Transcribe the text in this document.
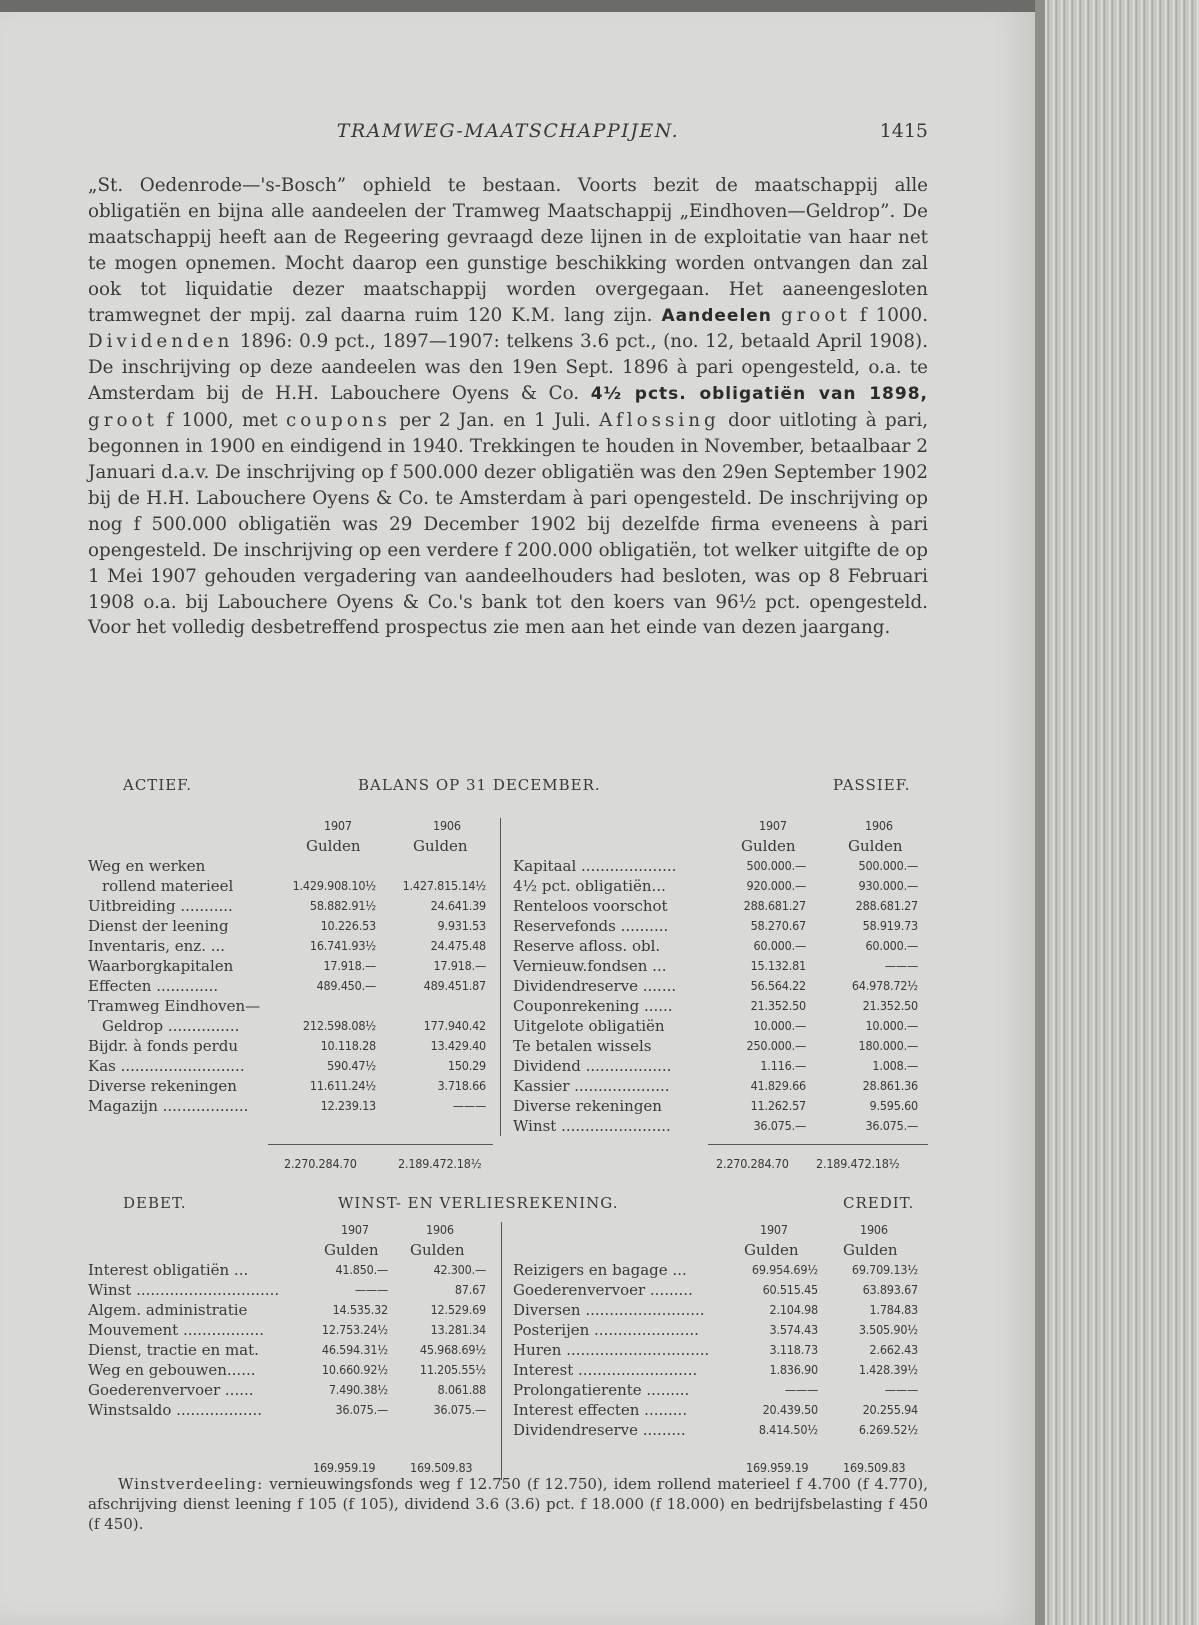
TRAMWEG-MAATSCHAPPIJEN.	1415

„St. Oedenrode—'s-Bosch” ophield te bestaan. Voorts bezit de maatschappij alle obligatiën en bijna alle aandeelen der Tramweg Maatschappij „Eindhoven—Geldrop”. De maatschappij heeft aan de Regeering gevraagd deze lijnen in de exploitatie van haar net te mogen opnemen. Mocht daarop een gunstige beschikking worden ontvangen dan zal ook tot liquidatie dezer maatschappij worden overgegaan. Het aaneengesloten tramwegnet der mpij. zal daarna ruim 120 K.M. lang zijn. Aandeelen groot f 1000. Dividenden 1896: 0.9 pct., 1897—1907: telkens 3.6 pct., (no. 12, betaald April 1908). De inschrijving op deze aandeelen was den 19en Sept. 1896 à pari opengesteld, o.a. te Amsterdam bij de H.H. Labouchere Oyens & Co. 4½ pcts. obligatiën van 1898, groot f 1000, met coupons per 2 Jan. en 1 Juli. Aflossing door uitloting à pari, begonnen in 1900 en eindigend in 1940. Trekkingen te houden in November, betaalbaar 2 Januari d.a.v. De inschrijving op f 500.000 dezer obligatiën was den 29en September 1902 bij de H.H. Labouchere Oyens & Co. te Amsterdam à pari opengesteld. De inschrijving op nog f 500.000 obligatiën was 29 December 1902 bij dezelfde firma eveneens à pari opengesteld. De inschrijving op een verdere f 200.000 obligatiën, tot welker uitgifte de op 1 Mei 1907 gehouden vergadering van aandeelhouders had besloten, was op 8 Februari 1908 o.a. bij Labouchere Oyens & Co.'s bank tot den koers van 96½ pct. opengesteld. Voor het volledig desbetreffend prospectus zie men aan het einde van dezen jaargang.

ACTIEF.	BALANS OP 31 DECEMBER.	PASSIEF.
1907	1906
Gulden	Gulden
Weg en werken
rollend materieel	1.429.908.10½ 1.427.815.14½
Uitbreiding ...........	58.882.91½	24.641.39
Dienst der leening	10.226.53	9.931.53
Inventaris, enz. ...	16.741.93½	24.475.48
Waarborgkapitalen	17.918.—	17.918.—
Effecten .............	489.450.—	489.451.87
Tramweg Eindhoven—
Geldrop ...............	212.598.08½	177.940.42
Bijdr. à fonds perdu	10.118.28	13.429.40
Kas ..........................	590.47½	150.29
Diverse rekeningen	11.611.24½	3.718.66
Magazijn ..................	12.239.13	———
1907	1906
Gulden	Gulden
Kapitaal ....................	500.000.—	500.000.—
4½ pct. obligatiën...	920.000.—	930.000.—
Renteloos voorschot	288.681.27	288.681.27
Reservefonds ..........	58.270.67	58.919.73
Reserve afloss. obl.	60.000.—	60.000.—
Vernieuw.fondsen ...	15.132.81	———
Dividendreserve .......	56.564.22	64.978.72½
Couponrekening ......	21.352.50	21.352.50
Uitgelote obligatiën	10.000.—	10.000.—
Te betalen wissels	250.000.—	180.000.—
Dividend ..................	1.116.—	1.008.—
Kassier ....................	41.829.66	28.861.36
Diverse rekeningen	11.262.57	9.595.60
Winst .......................	36.075.—	36.075.—
2.270.284.70	2.189.472.18½	2.270.284.70 2.189.472.18½
DEBET.	WINST- EN VERLIESREKENING.	CREDIT.
1907	1906
Gulden Gulden
Interest obligatiën ...	41.850.—	42.300.—
Winst ..............................	———	87.67
Algem. administratie	14.535.32	12.529.69
Mouvement .................	12.753.24½	13.281.34
Dienst, tractie en mat.	46.594.31½	45.968.69½
Weg en gebouwen......	10.660.92½	11.205.55½
Goederenvervoer ......	7.490.38½	8.061.88
Winstsaldo ..................	36.075.—	36.075.—
1907	1906
Gulden	Gulden
Reizigers en bagage ...	69.954.69½	69.709.13½
Goederenvervoer .........	60.515.45	63.893.67
Diversen .........................	2.104.98	1.784.83
Posterijen ......................	3.574.43	3.505.90½
Huren ..............................	3.118.73	2.662.43
Interest .........................	1.836.90	1.428.39½
Prolongatierente .........	———	———
Interest effecten .........	20.439.50	20.255.94
Dividendreserve .........	8.414.50½	6.269.52½
169.959.19	169.509.83	169.959.19	169.509.83
Winstverdeeling: vernieuwingsfonds weg f 12.750 (f 12.750), idem rollend materieel f 4.700 (f 4.770), afschrijving dienst leening f 105 (f 105), dividend 3.6 (3.6) pct. f 18.000 (f 18.000) en bedrijfsbelasting f 450 (f 450).
